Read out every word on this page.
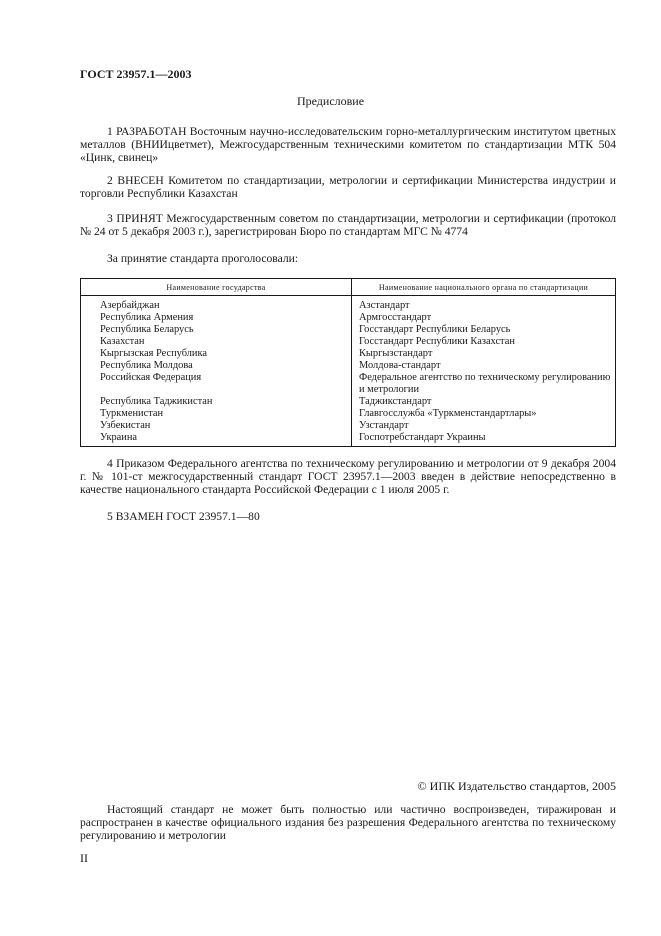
ГОСТ 23957.1—2003
Предисловие
1 РАЗРАБОТАН Восточным научно-исследовательским горно-металлургическим институтом цветных металлов (ВНИИцветмет), Межгосударственным техническими комитетом по стандартизации МТК 504 «Цинк, свинец»
2 ВНЕСЕН Комитетом по стандартизации, метрологии и сертификации Министерства индустрии и торговли Республики Казахстан
3 ПРИНЯТ Межгосударственным советом по стандартизации, метрологии и сертификации (протокол № 24 от 5 декабря 2003 г.), зарегистрирован Бюро по стандартам МГС № 4774
За принятие стандарта проголосовали:
Наименование государства	Наименование национального органа по стандартизации
Азербайджан	Азстандарт
Республика Армения	Армгосстандарт
Республика Беларусь	Госстандарт Республики Беларусь
Казахстан	Госстандарт Республики Казахстан
Кыргызская Республика	Кыргызстандарт
Республика Молдова	Молдова-стандарт
Российская Федерация	Федеральное агентство по техническому регулированию и метрологии
Республика Таджикистан	Таджикстандарт
Туркменистан	Главгосслужба «Туркменстандартлары»
Узбекистан	Узстандарт
Украина	Госпотребстандарт Украины
4 Приказом Федерального агентства по техническому регулированию и метрологии от 9 декабря 2004 г. № 101-ст межгосударственный стандарт ГОСТ 23957.1—2003 введен в действие непосредственно в качестве национального стандарта Российской Федерации с 1 июля 2005 г.
5 ВЗАМЕН ГОСТ 23957.1—80
© ИПК Издательство стандартов, 2005
Настоящий стандарт не может быть полностью или частично воспроизведен, тиражирован и распространен в качестве официального издания без разрешения Федерального агентства по техническому регулированию и метрологии
II
